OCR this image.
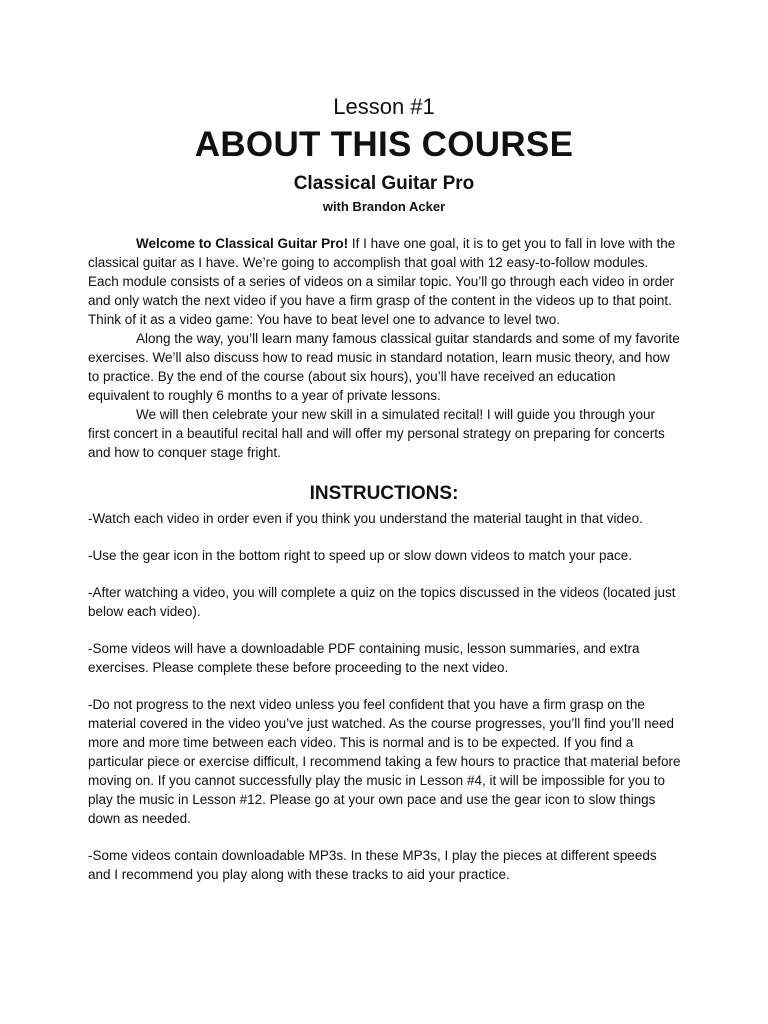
Lesson #1
ABOUT THIS COURSE
Classical Guitar Pro
with Brandon Acker

Welcome to Classical Guitar Pro! If I have one goal, it is to get you to fall in love with the classical guitar as I have. We’re going to accomplish that goal with 12 easy-to-follow modules. Each module consists of a series of videos on a similar topic. You’ll go through each video in order and only watch the next video if you have a firm grasp of the content in the videos up to that point. Think of it as a video game: You have to beat level one to advance to level two.

Along the way, you’ll learn many famous classical guitar standards and some of my favorite exercises. We’ll also discuss how to read music in standard notation, learn music theory, and how to practice. By the end of the course (about six hours), you’ll have received an education equivalent to roughly 6 months to a year of private lessons.

We will then celebrate your new skill in a simulated recital! I will guide you through your first concert in a beautiful recital hall and will offer my personal strategy on preparing for concerts and how to conquer stage fright.

INSTRUCTIONS:

-Watch each video in order even if you think you understand the material taught in that video.

-Use the gear icon in the bottom right to speed up or slow down videos to match your pace.

-After watching a video, you will complete a quiz on the topics discussed in the videos (located just below each video).

-Some videos will have a downloadable PDF containing music, lesson summaries, and extra exercises. Please complete these before proceeding to the next video.

-Do not progress to the next video unless you feel confident that you have a firm grasp on the material covered in the video you’ve just watched. As the course progresses, you’ll find you’ll need more and more time between each video. This is normal and is to be expected. If you find a particular piece or exercise difficult, I recommend taking a few hours to practice that material before moving on. If you cannot successfully play the music in Lesson #4, it will be impossible for you to play the music in Lesson #12. Please go at your own pace and use the gear icon to slow things down as needed.

-Some videos contain downloadable MP3s. In these MP3s, I play the pieces at different speeds and I recommend you play along with these tracks to aid your practice.
